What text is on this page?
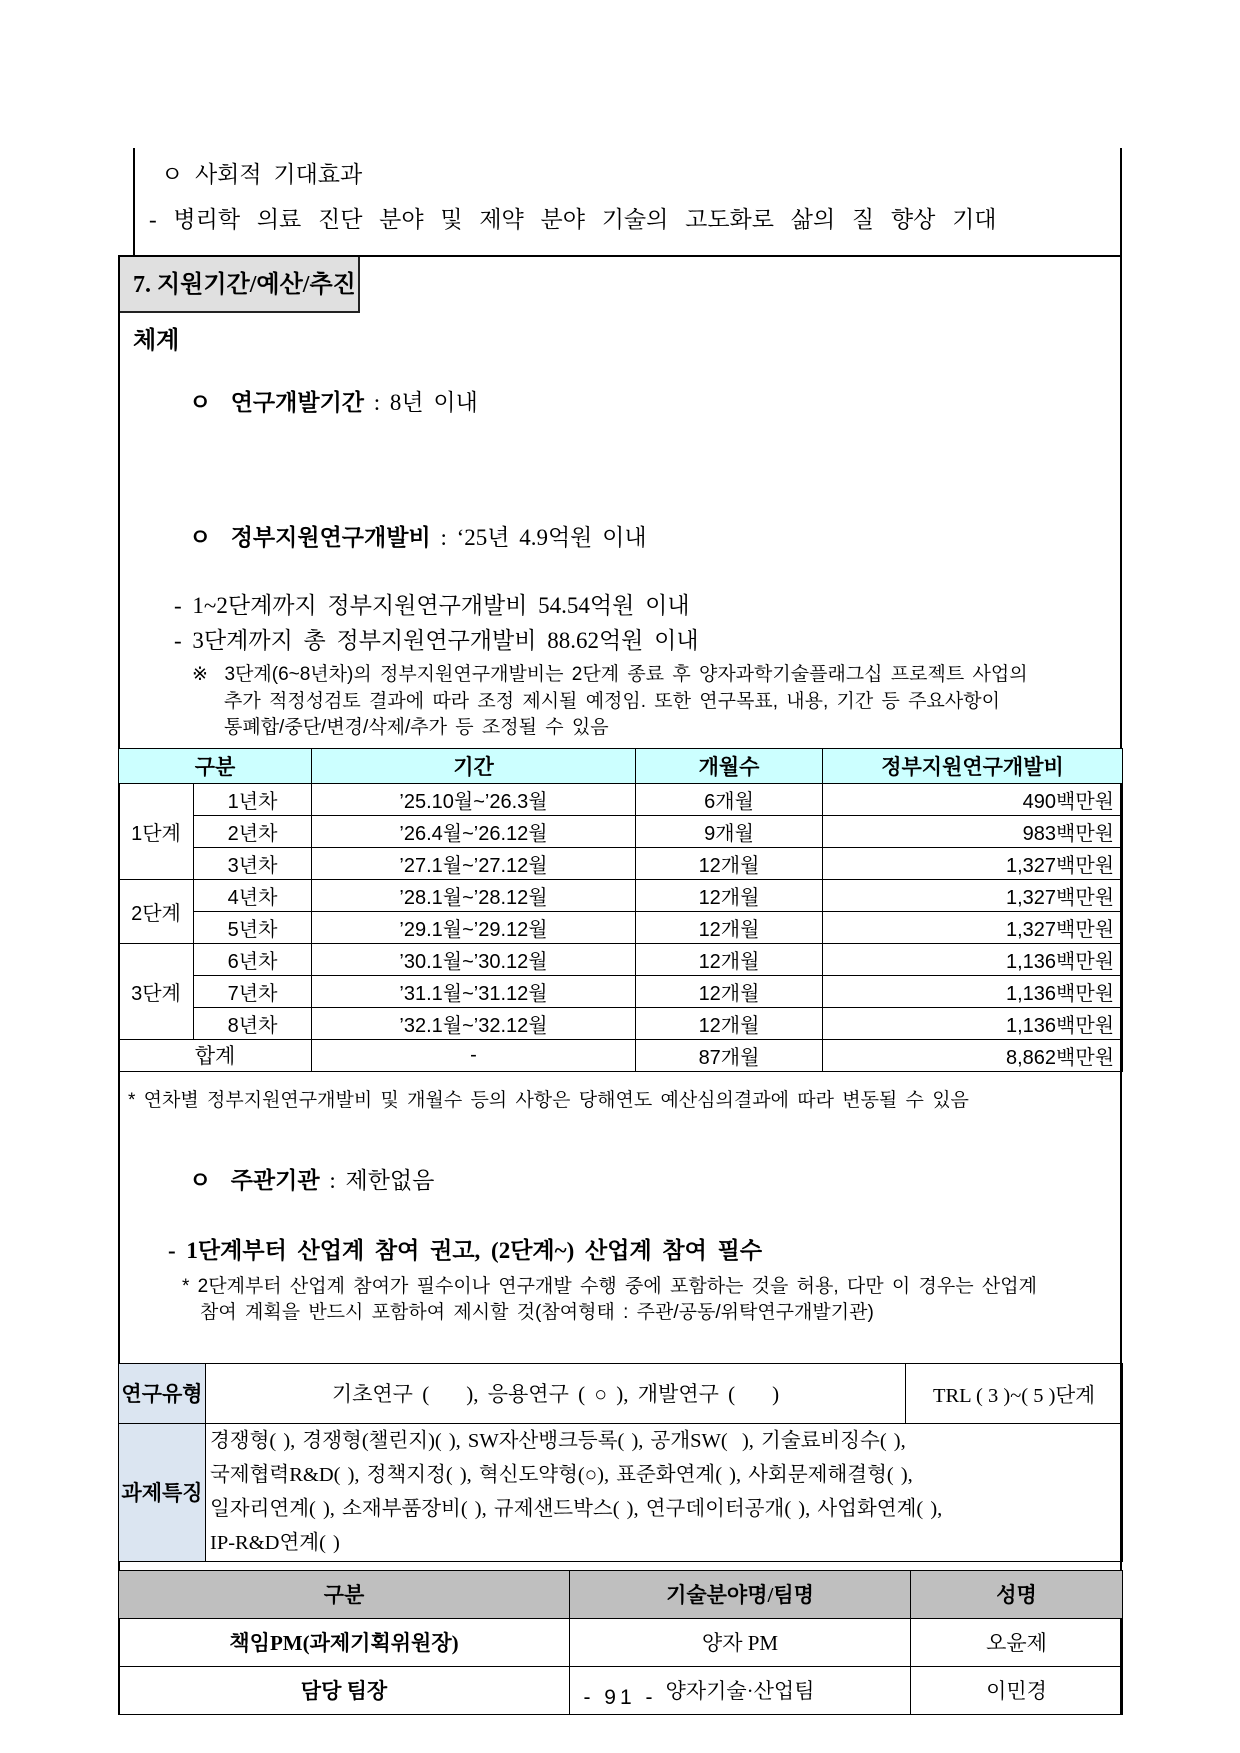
ㅇ 사회적 기대효과
- 병리학 의료 진단 분야 및 제약 분야 기술의 고도화로 삶의 질 향상 기대
7. 지원기간/예산/추진체계

ㅇ  연구개발기간 : 8년 이내

ㅇ  정부지원연구개발비 : ‘25년 4.9억원 이내

- 1~2단계까지 정부지원연구개발비 54.54억원 이내
- 3단계까지 총 정부지원연구개발비 88.62억원 이내
※  3단계(6~8년차)의 정부지원연구개발비는 2단계 종료 후 양자과학기술플래그십 프로젝트 사업의
추가 적정성검토 결과에 따라 조정 제시될 예정임. 또한 연구목표, 내용, 기간 등 주요사항이
통폐합/중단/변경/삭제/추가 등 조정될 수 있음
구분		기간	개월수	정부지원연구개발비
1단계	1년차	’25.10월~’26.3월	6개월	490백만원
	2년차	’26.4월~’26.12월	9개월	983백만원
	3년차	’27.1월~’27.12월	12개월	1,327백만원
2단계	4년차	’28.1월~’28.12월	12개월	1,327백만원
	5년차	’29.1월~’29.12월	12개월	1,327백만원
3단계	6년차	’30.1월~’30.12월	12개월	1,136백만원
	7년차	’31.1월~’31.12월	12개월	1,136백만원
	8년차	’32.1월~’32.12월	12개월	1,136백만원
합계		-	87개월	8,862백만원
* 연차별 정부지원연구개발비 및 개월수 등의 사항은 당해연도 예산심의결과에 따라 변동될 수 있음

ㅇ  주관기관 : 제한없음

- 1단계부터 산업계 참여 권고, (2단계~) 산업계 참여 필수
* 2단계부터 산업계 참여가 필수이나 연구개발 수행 중에 포함하는 것을 허용, 다만 이 경우는 산업계
참여 계획을 반드시 포함하여 제시할 것(참여형태 : 주관/공동/위탁연구개발기관)
연구유형	기초연구 (    ), 응용연구 ( ○ ), 개발연구 (    )	TRL ( 3 )~( 5 )단계
과제특징	경쟁형( ), 경쟁형(챌린지)( ), SW자산뱅크등록( ), 공개SW(  ), 기술료비징수( ),
국제협력R&D( ), 정책지정( ), 혁신도약형(○), 표준화연계( ), 사회문제해결형( ),
일자리연계( ), 소재부품장비( ), 규제샌드박스( ), 연구데이터공개( ), 사업화연계( ),
IP-R&D연계( )	
구분	기술분야명/팀명	성명
책임PM(과제기획위원장)	양자 PM	오윤제
담당 팀장	양자기술·산업팀	이민경
- 91 -
